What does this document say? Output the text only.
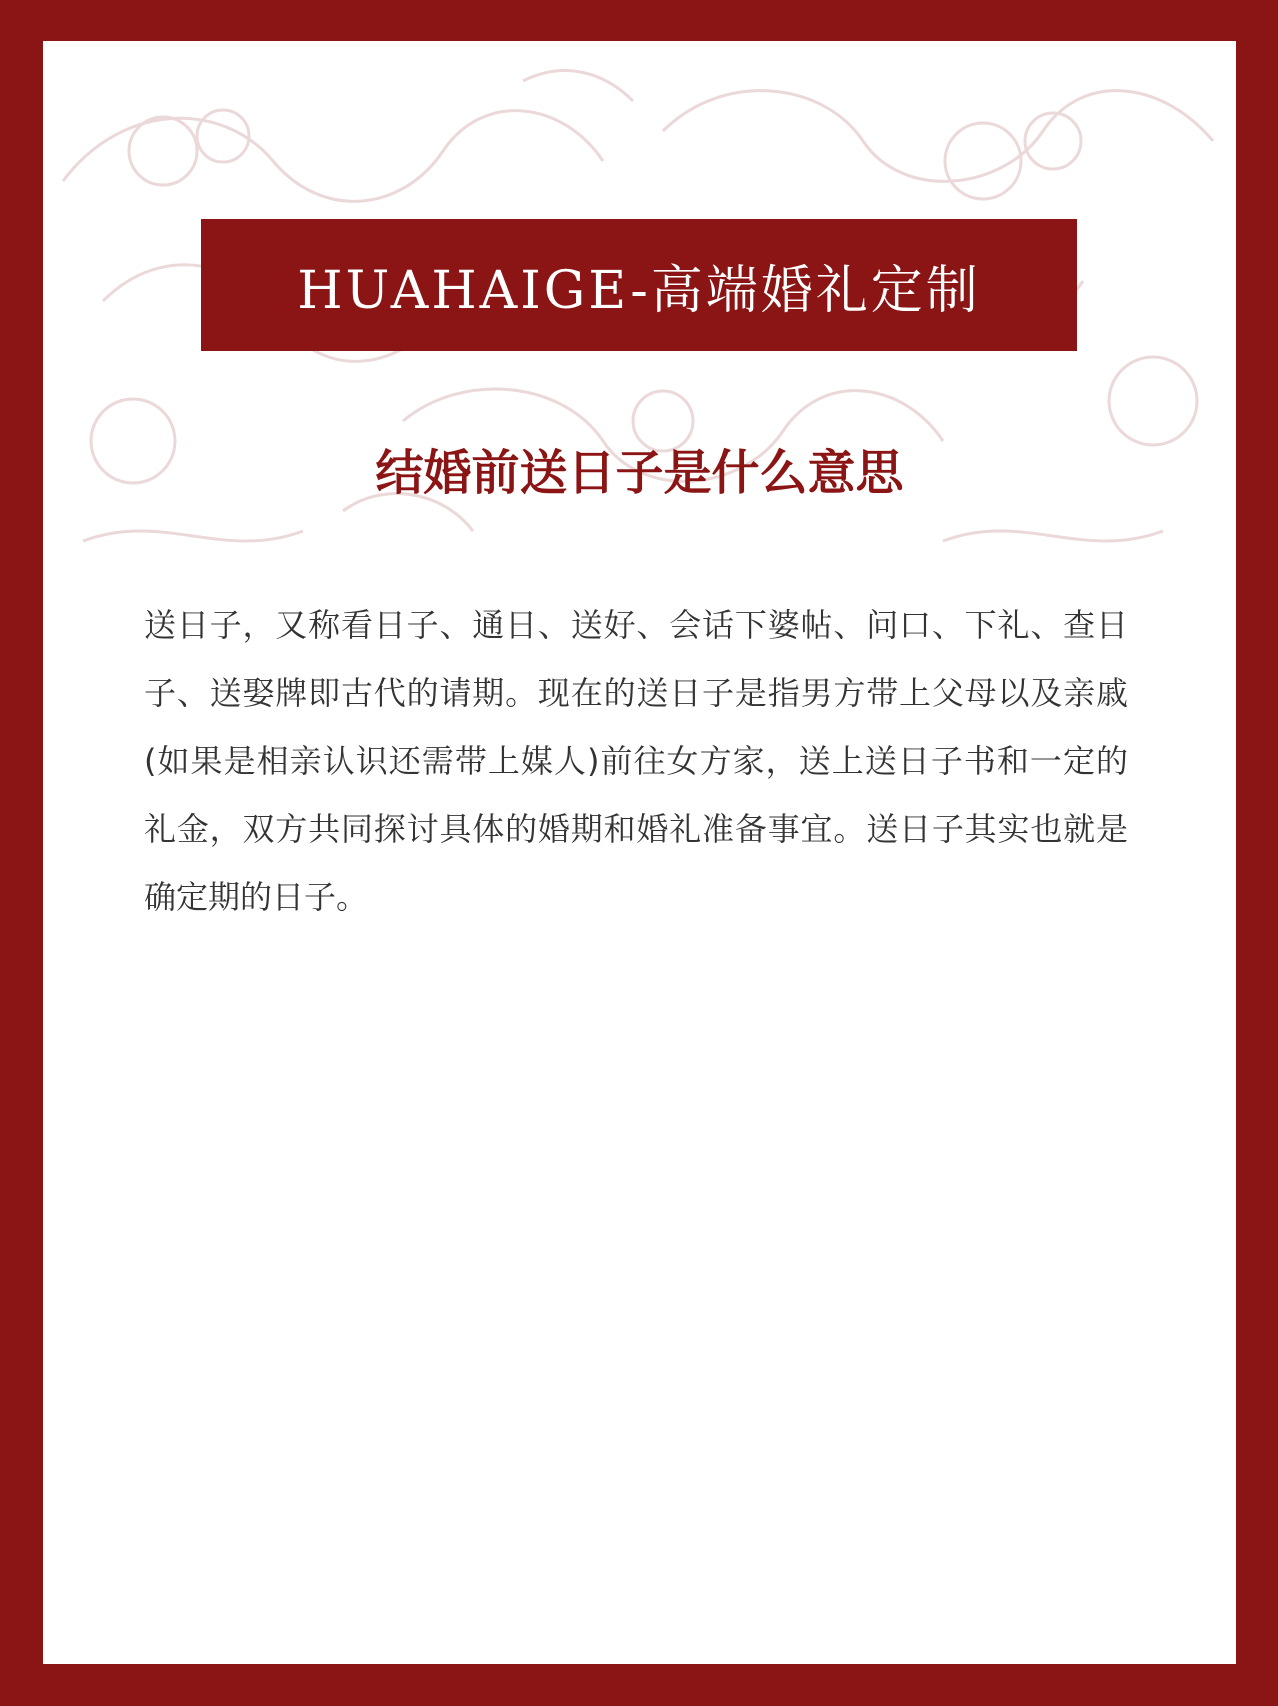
HUAHAIGE-高端婚礼定制
结婚前送日子是什么意思

送日子，又称看日子、通日、送好、会话下婆帖、问口、下礼、查日子、送娶牌即古代的请期。现在的送日子是指男方带上父母以及亲戚(如果是相亲认识还需带上媒人)前往女方家，送上送日子书和一定的礼金，双方共同探讨具体的婚期和婚礼准备事宜。送日子其实也就是确定期的日子。
